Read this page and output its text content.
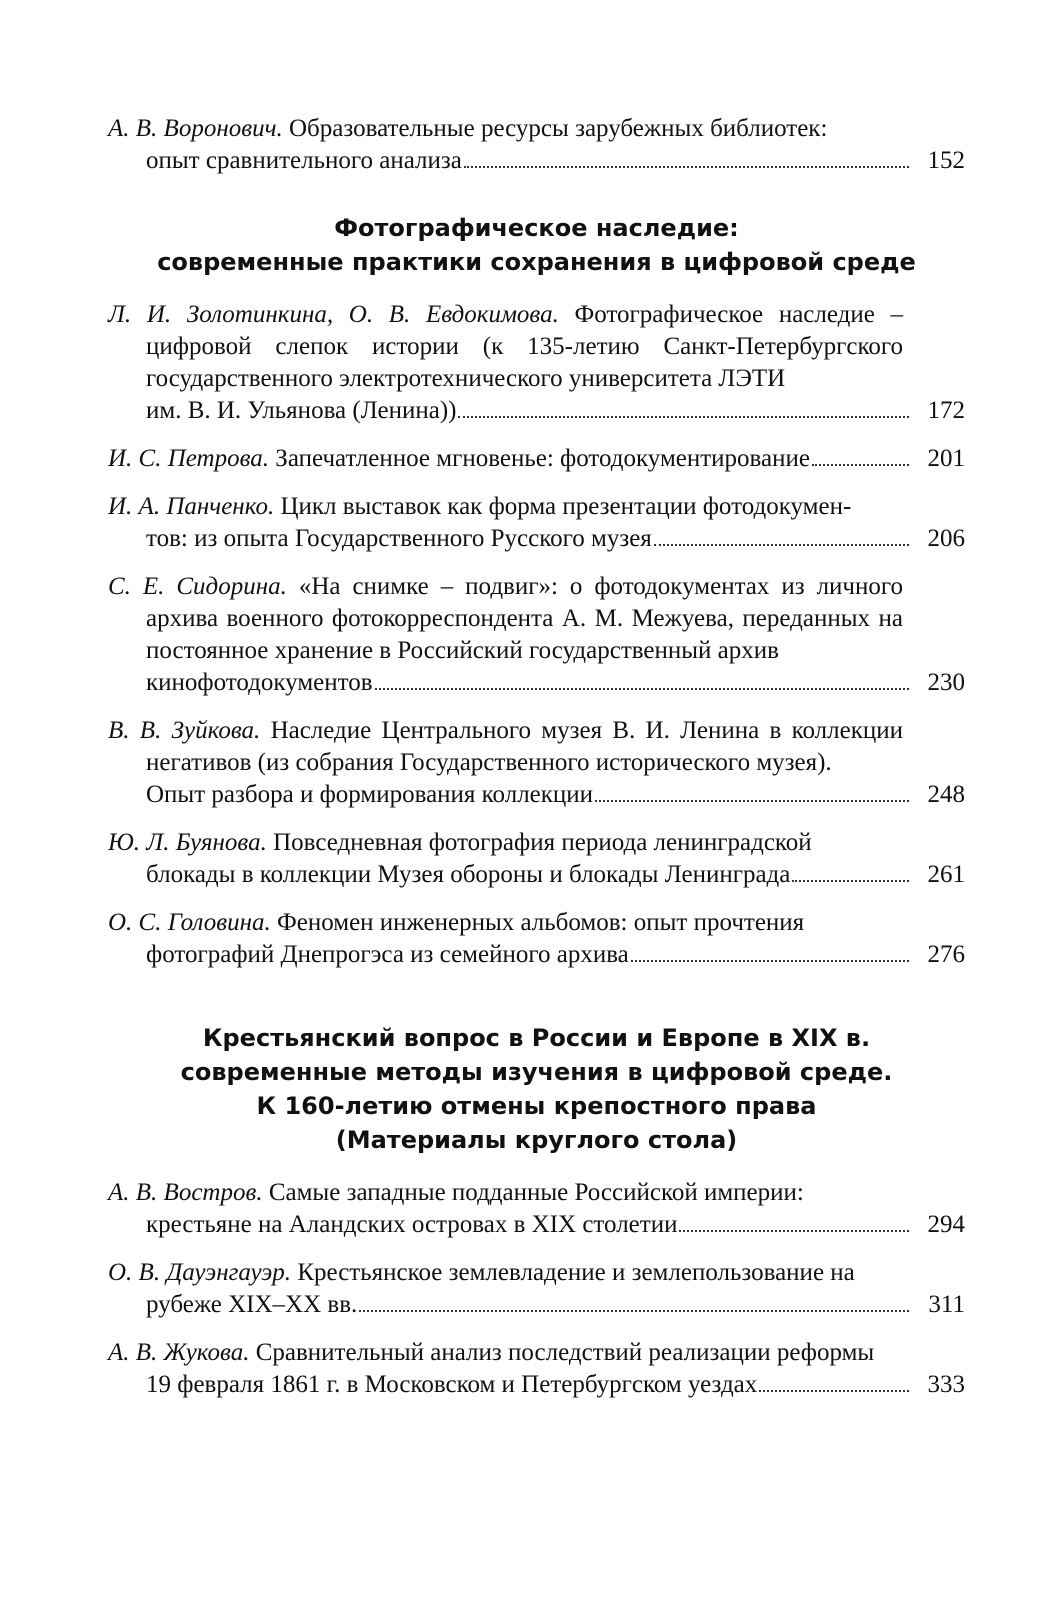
А. В. Воронович. Образовательные ресурсы зарубежных библиотек:
опыт сравнительного анализа	152
Фотографическое наследие:
современные практики сохранения в цифровой среде
Л. И. Золотинкина, О. В. Евдокимова. Фотографическое наследие – цифровой слепок истории (к 135-летию Санкт-Петербургского государственного электротехнического университета ЛЭТИ
им. В. И. Ульянова (Ленина))	172
И. С. Петрова. Запечатленное мгновенье: фотодокументирование	201
И. А. Панченко. Цикл выставок как форма презентации фотодокумен-
тов: из опыта Государственного Русского музея	206
С. Е. Сидорина. «На снимке – подвиг»: о фотодокументах из личного архива военного фотокорреспондента А. М. Межуева, переданных на постоянное хранение в Российский государственный архив
кинофотодокументов	230
В. В. Зуйкова. Наследие Центрального музея В. И. Ленина в коллекции негативов (из собрания Государственного исторического музея).
Опыт разбора и формирования коллекции	248
Ю. Л. Буянова. Повседневная фотография периода ленинградской
блокады в коллекции Музея обороны и блокады Ленинграда	261
О. С. Головина. Феномен инженерных альбомов: опыт прочтения
фотографий Днепрогэса из семейного архива	276
Крестьянский вопрос в России и Европе в XIX в.
современные методы изучения в цифровой среде.
К 160-летию отмены крепостного права
(Материалы круглого стола)
А. В. Востров. Самые западные подданные Российской империи:
крестьяне на Аландских островах в XIX столетии	294
О. В. Дауэнгауэр. Крестьянское землевладение и землепользование на
рубеже XIX–XX вв.	311
А. В. Жукова. Сравнительный анализ последствий реализации реформы
19 февраля 1861 г. в Московском и Петербургском уездах	333
